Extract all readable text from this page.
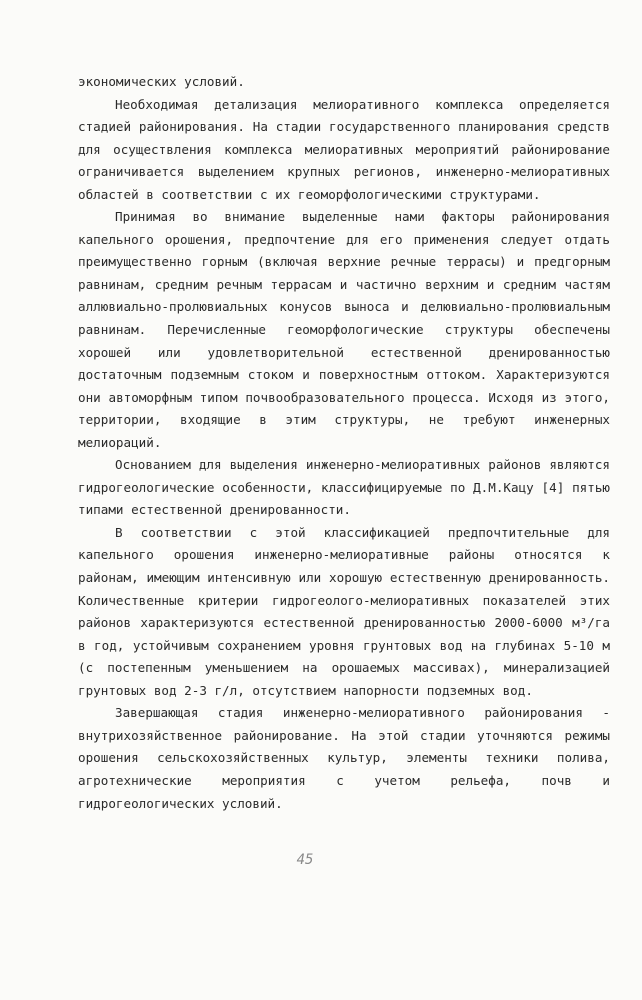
экономических условий.

Необходимая детализация мелиоративного комплекса определяется стадией районирования. На стадии государственного планирования средств для осуществления комплекса мелиоративных мероприятий районирование ограничивается выделением крупных регионов, инженерно-мелиоративных областей в соответствии с их геоморфологическими структурами.

Принимая во внимание выделенные нами факторы районирования капельного орошения, предпочтение для его применения следует отдать преимущественно горным (включая верхние речные террасы) и предгорным равнинам, средним речным террасам и частично верхним и средним частям аллювиально-пролювиальных конусов выноса и делювиально-пролювиальным равнинам. Перечисленные геоморфологические структуры обеспечены хорошей или удовлетворительной естественной дренированностью достаточным подземным стоком и поверхностным оттоком. Характеризуются они автоморфным типом почвообразовательного процесса. Исходя из этого, территории, входящие в этим структуры, не требуют инженерных мелиораций.

Основанием для выделения инженерно-мелиоративных районов являются гидрогеологические особенности, классифицируемые по Д.М.Кацу [4] пятью типами естественной дренированности.

В соответствии с этой классификацией предпочтительные для капельного орошения инженерно-мелиоративные районы относятся к районам, имеющим интенсивную или хорошую естественную дренированность. Количественные критерии гидрогеолого-мелиоративных показателей этих районов характеризуются естественной дренированностью 2000-6000 м³/га в год, устойчивым сохранением уровня грунтовых вод на глубинах 5-10 м (с постепенным уменьшением на орошаемых массивах), минерализацией грунтовых вод 2-3 г/л, отсутствием напорности подземных вод.

Завершающая стадия инженерно-мелиоративного районирования - внутрихозяйственное районирование. На этой стадии уточняются режимы орошения сельскохозяйственных культур, элементы техники полива, агротехнические мероприятия с учетом рельефа, почв и гидрогеологических условий.

45
